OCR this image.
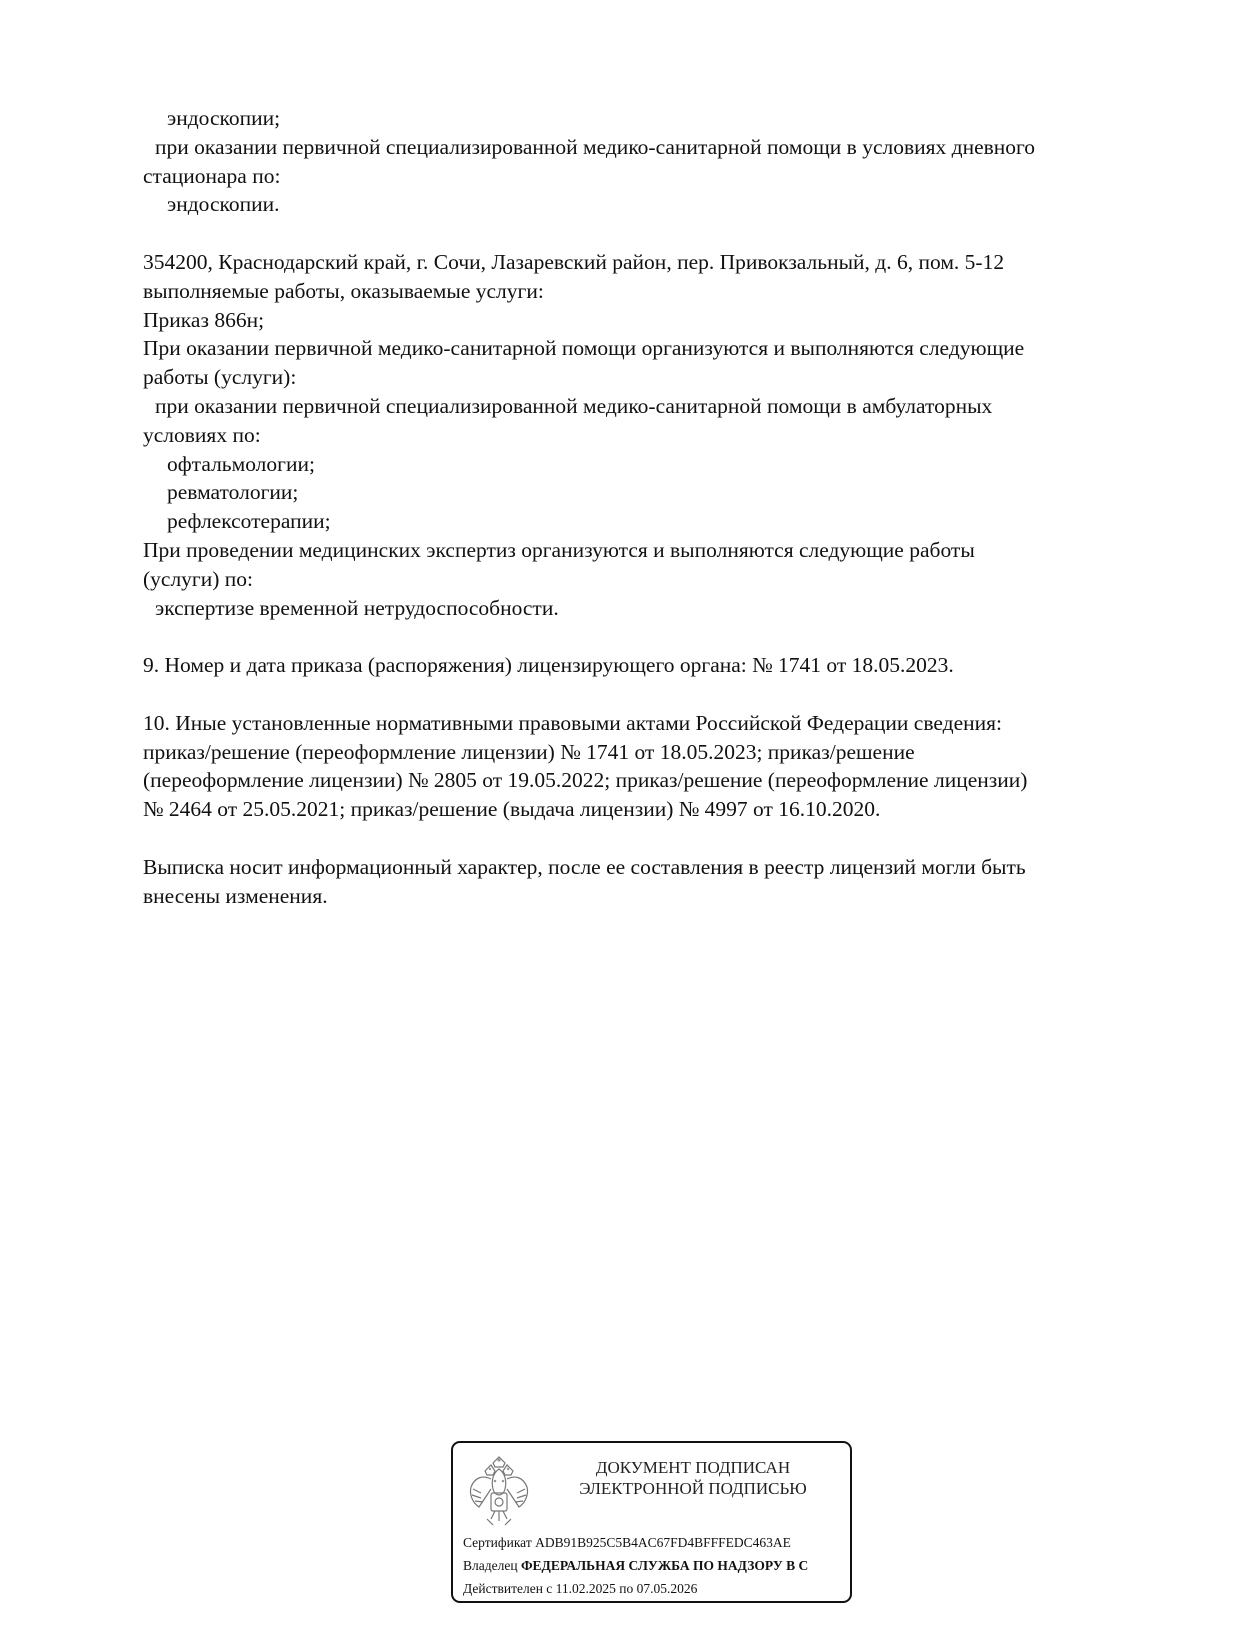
эндоскопии;
при оказании первичной специализированной медико-санитарной помощи в условиях дневного
стационара по:
эндоскопии.
354200, Краснодарский край, г. Сочи, Лазаревский район, пер. Привокзальный, д. 6, пом. 5-12
выполняемые работы, оказываемые услуги:
Приказ 866н;
При оказании первичной медико-санитарной помощи организуются и выполняются следующие
работы (услуги):
при оказании первичной специализированной медико-санитарной помощи в амбулаторных
условиях по:
офтальмологии;
ревматологии;
рефлексотерапии;
При проведении медицинских экспертиз организуются и выполняются следующие работы
(услуги) по:
экспертизе временной нетрудоспособности.
9. Номер и дата приказа (распоряжения) лицензирующего органа: № 1741 от 18.05.2023.
10. Иные установленные нормативными правовыми актами Российской Федерации сведения:
приказ/решение (переоформление лицензии) № 1741 от 18.05.2023; приказ/решение
(переоформление лицензии) № 2805 от 19.05.2022; приказ/решение (переоформление лицензии)
№ 2464 от 25.05.2021; приказ/решение (выдача лицензии) № 4997 от 16.10.2020.
Выписка носит информационный характер, после ее составления в реестр лицензий могли быть
внесены изменения.
ДОКУМЕНТ ПОДПИСАН
ЭЛЕКТРОННОЙ ПОДПИСЬЮ
Сертификат ADB91B925C5B4AC67FD4BFFFEDC463AE
Владелец ФЕДЕРАЛЬНАЯ СЛУЖБА ПО НАДЗОРУ В С
Действителен с 11.02.2025 по 07.05.2026
